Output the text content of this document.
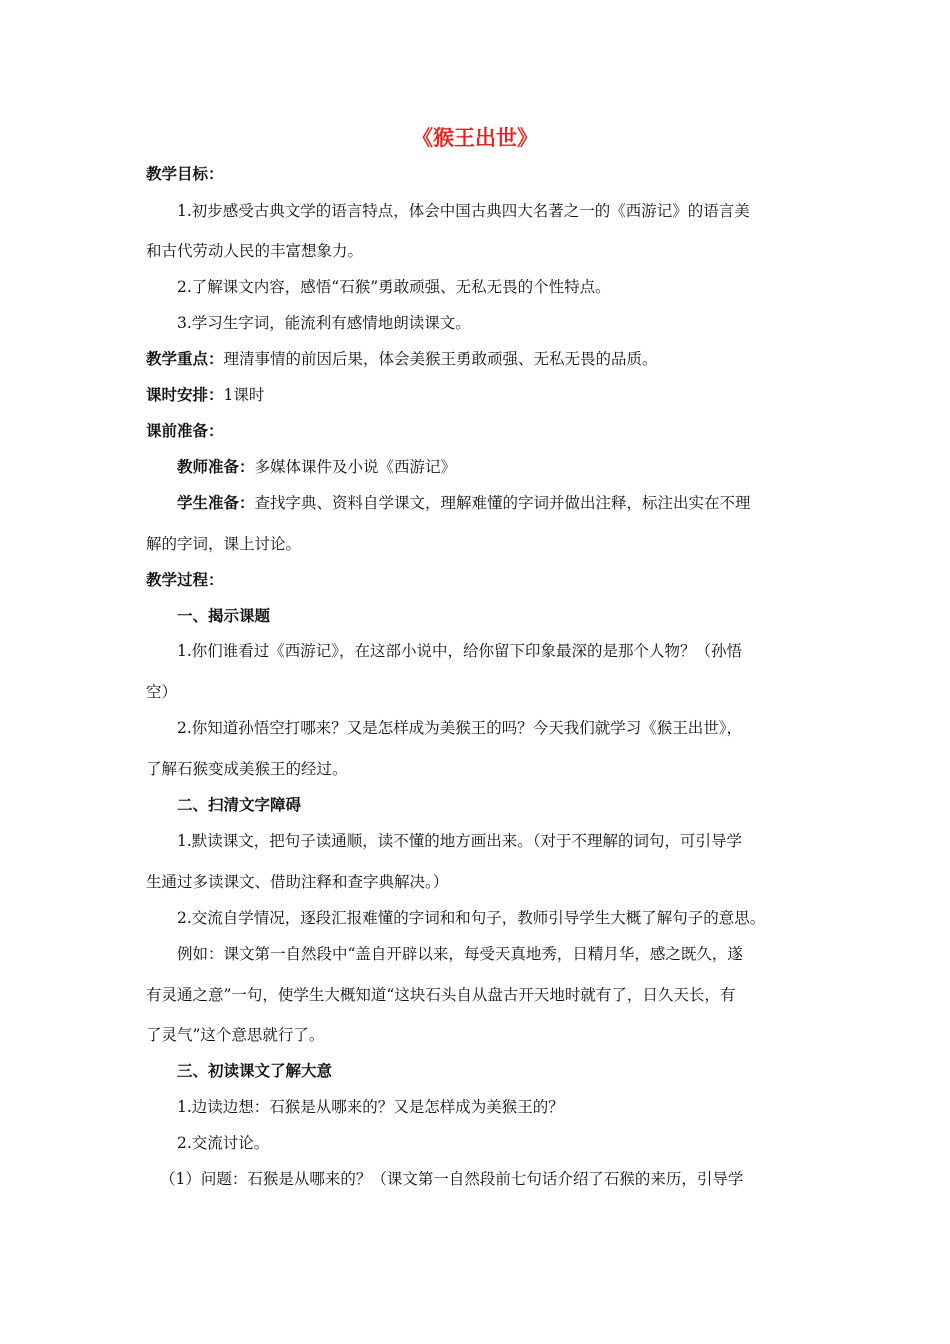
《猴王出世》
教学目标：
1.初步感受古典文学的语言特点，体会中国古典四大名著之一的《西游记》的语言美
和古代劳动人民的丰富想象力。
2.了解课文内容，感悟“石猴”勇敢顽强、无私无畏的个性特点。
3.学习生字词，能流利有感情地朗读课文。
教学重点：理清事情的前因后果，体会美猴王勇敢顽强、无私无畏的品质。
课时安排：1课时
课前准备：
教师准备：多媒体课件及小说《西游记》
学生准备：查找字典、资料自学课文，理解难懂的字词并做出注释，标注出实在不理
解的字词，课上讨论。
教学过程：
一、揭示课题
1.你们谁看过《西游记》，在这部小说中，给你留下印象最深的是那个人物？（孙悟
空）
2.你知道孙悟空打哪来？又是怎样成为美猴王的吗？今天我们就学习《猴王出世》，
了解石猴变成美猴王的经过。
二、扫清文字障碍
1.默读课文，把句子读通顺，读不懂的地方画出来。（对于不理解的词句，可引导学
生通过多读课文、借助注释和查字典解决。）
2.交流自学情况，逐段汇报难懂的字词和和句子，教师引导学生大概了解句子的意思。
例如：课文第一自然段中“盖自开辟以来，每受天真地秀，日精月华，感之既久，遂
有灵通之意”一句，使学生大概知道“这块石头自从盘古开天地时就有了，日久天长，有
了灵气”这个意思就行了。
三、初读课文了解大意
1.边读边想：石猴是从哪来的？又是怎样成为美猴王的？
2.交流讨论。
（1）问题：石猴是从哪来的？（课文第一自然段前七句话介绍了石猴的来历，引导学
